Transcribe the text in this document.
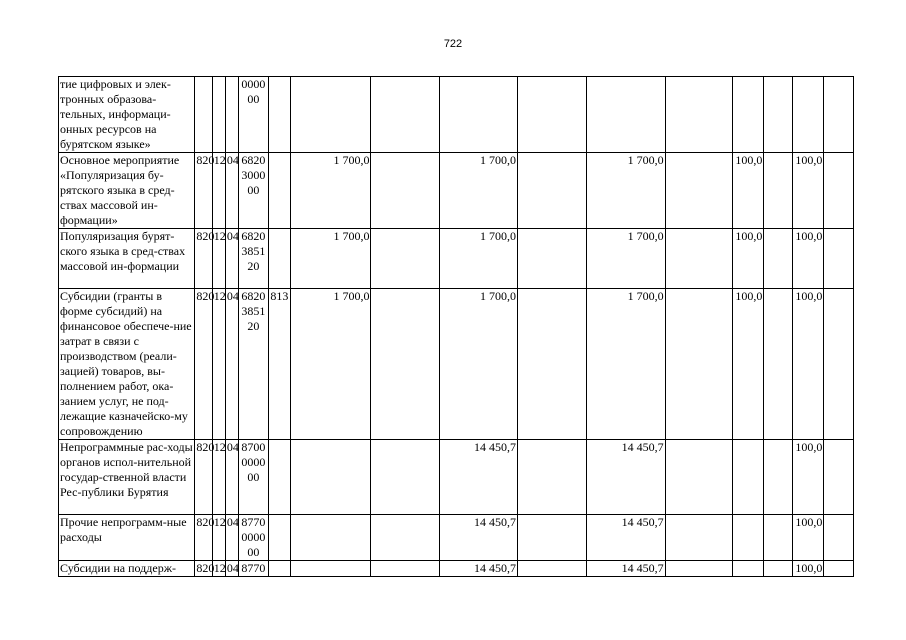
722
тие цифровых и элек-тронных образова-тельных, информаци-онных ресурсов на бурятском языке»				000000											
Основное мероприятие «Популяризация бу-рятского языка в сред-ствах массовой ин-формации»	820	12	04	6820300000		1 700,0		1 700,0		1 700,0		100,0		100,0	
Популяризация бурят-ского языка в сред-ствах массовой ин-формации	820	12	04	6820385120		1 700,0		1 700,0		1 700,0		100,0		100,0	
Субсидии (гранты в форме субсидий) на финансовое обеспече-ние затрат в связи с производством (реали-зацией) товаров, вы-полнением работ, ока-занием услуг, не под-лежащие казначейско-му сопровождению	820	12	04	6820385120	813	1 700,0		1 700,0		1 700,0		100,0		100,0	
Непрограммные рас-ходы органов испол-нительной государ-ственной власти Рес-публики Бурятия	820	12	04	8700000000				14 450,7		14 450,7				100,0	
Прочие непрограмм-ные расходы	820	12	04	8770000000				14 450,7		14 450,7				100,0	
Субсидии на поддерж-	820	12	04	8770				14 450,7		14 450,7				100,0	
